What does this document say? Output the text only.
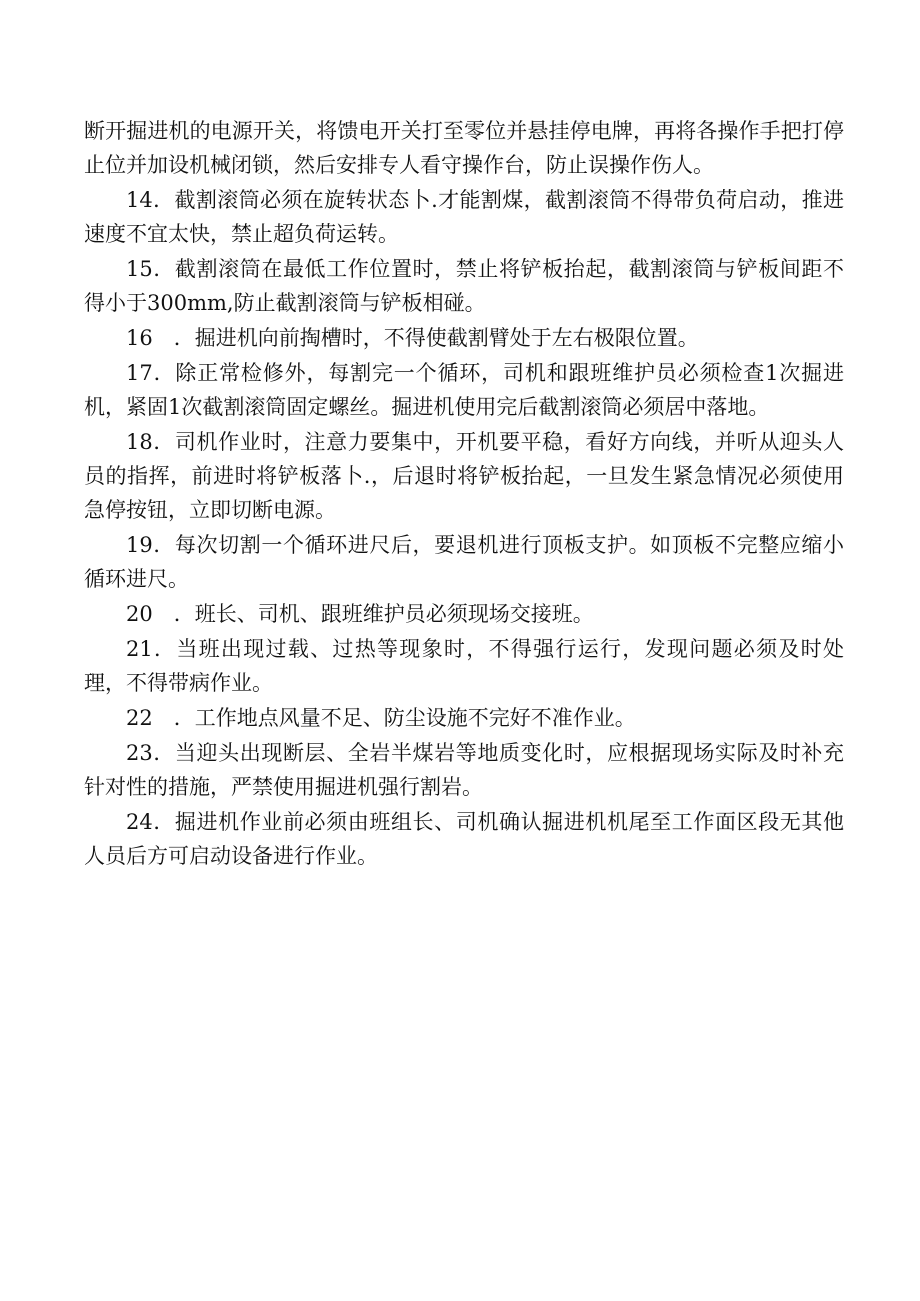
断开掘进机的电源开关，将馈电开关打至零位并悬挂停电牌，再将各操作手把打停止位并加设机械闭锁，然后安排专人看守操作台，防止误操作伤人。

14．截割滚筒必须在旋转状态卜.才能割煤，截割滚筒不得带负荷启动，推进速度不宜太快，禁止超负荷运转。

15．截割滚筒在最低工作位置时，禁止将铲板抬起，截割滚筒与铲板间距不得小于300mm,防止截割滚筒与铲板相碰。

16　．掘进机向前掏槽时，不得使截割臂处于左右极限位置。

17．除正常检修外，每割完一个循环，司机和跟班维护员必须检查1次掘进机，紧固1次截割滚筒固定螺丝。掘进机使用完后截割滚筒必须居中落地。

18．司机作业时，注意力要集中，开机要平稳，看好方向线，并听从迎头人员的指挥，前进时将铲板落卜.，后退时将铲板抬起，一旦发生紧急情况必须使用急停按钮，立即切断电源。

19．每次切割一个循环进尺后，要退机进行顶板支护。如顶板不完整应缩小循环进尺。

20　．班长、司机、跟班维护员必须现场交接班。

21．当班出现过载、过热等现象时，不得强行运行，发现问题必须及时处理，不得带病作业。

22　．工作地点风量不足、防尘设施不完好不准作业。

23．当迎头出现断层、全岩半煤岩等地质变化时，应根据现场实际及时补充针对性的措施，严禁使用掘进机强行割岩。

24．掘进机作业前必须由班组长、司机确认掘进机机尾至工作面区段无其他人员后方可启动设备进行作业。
